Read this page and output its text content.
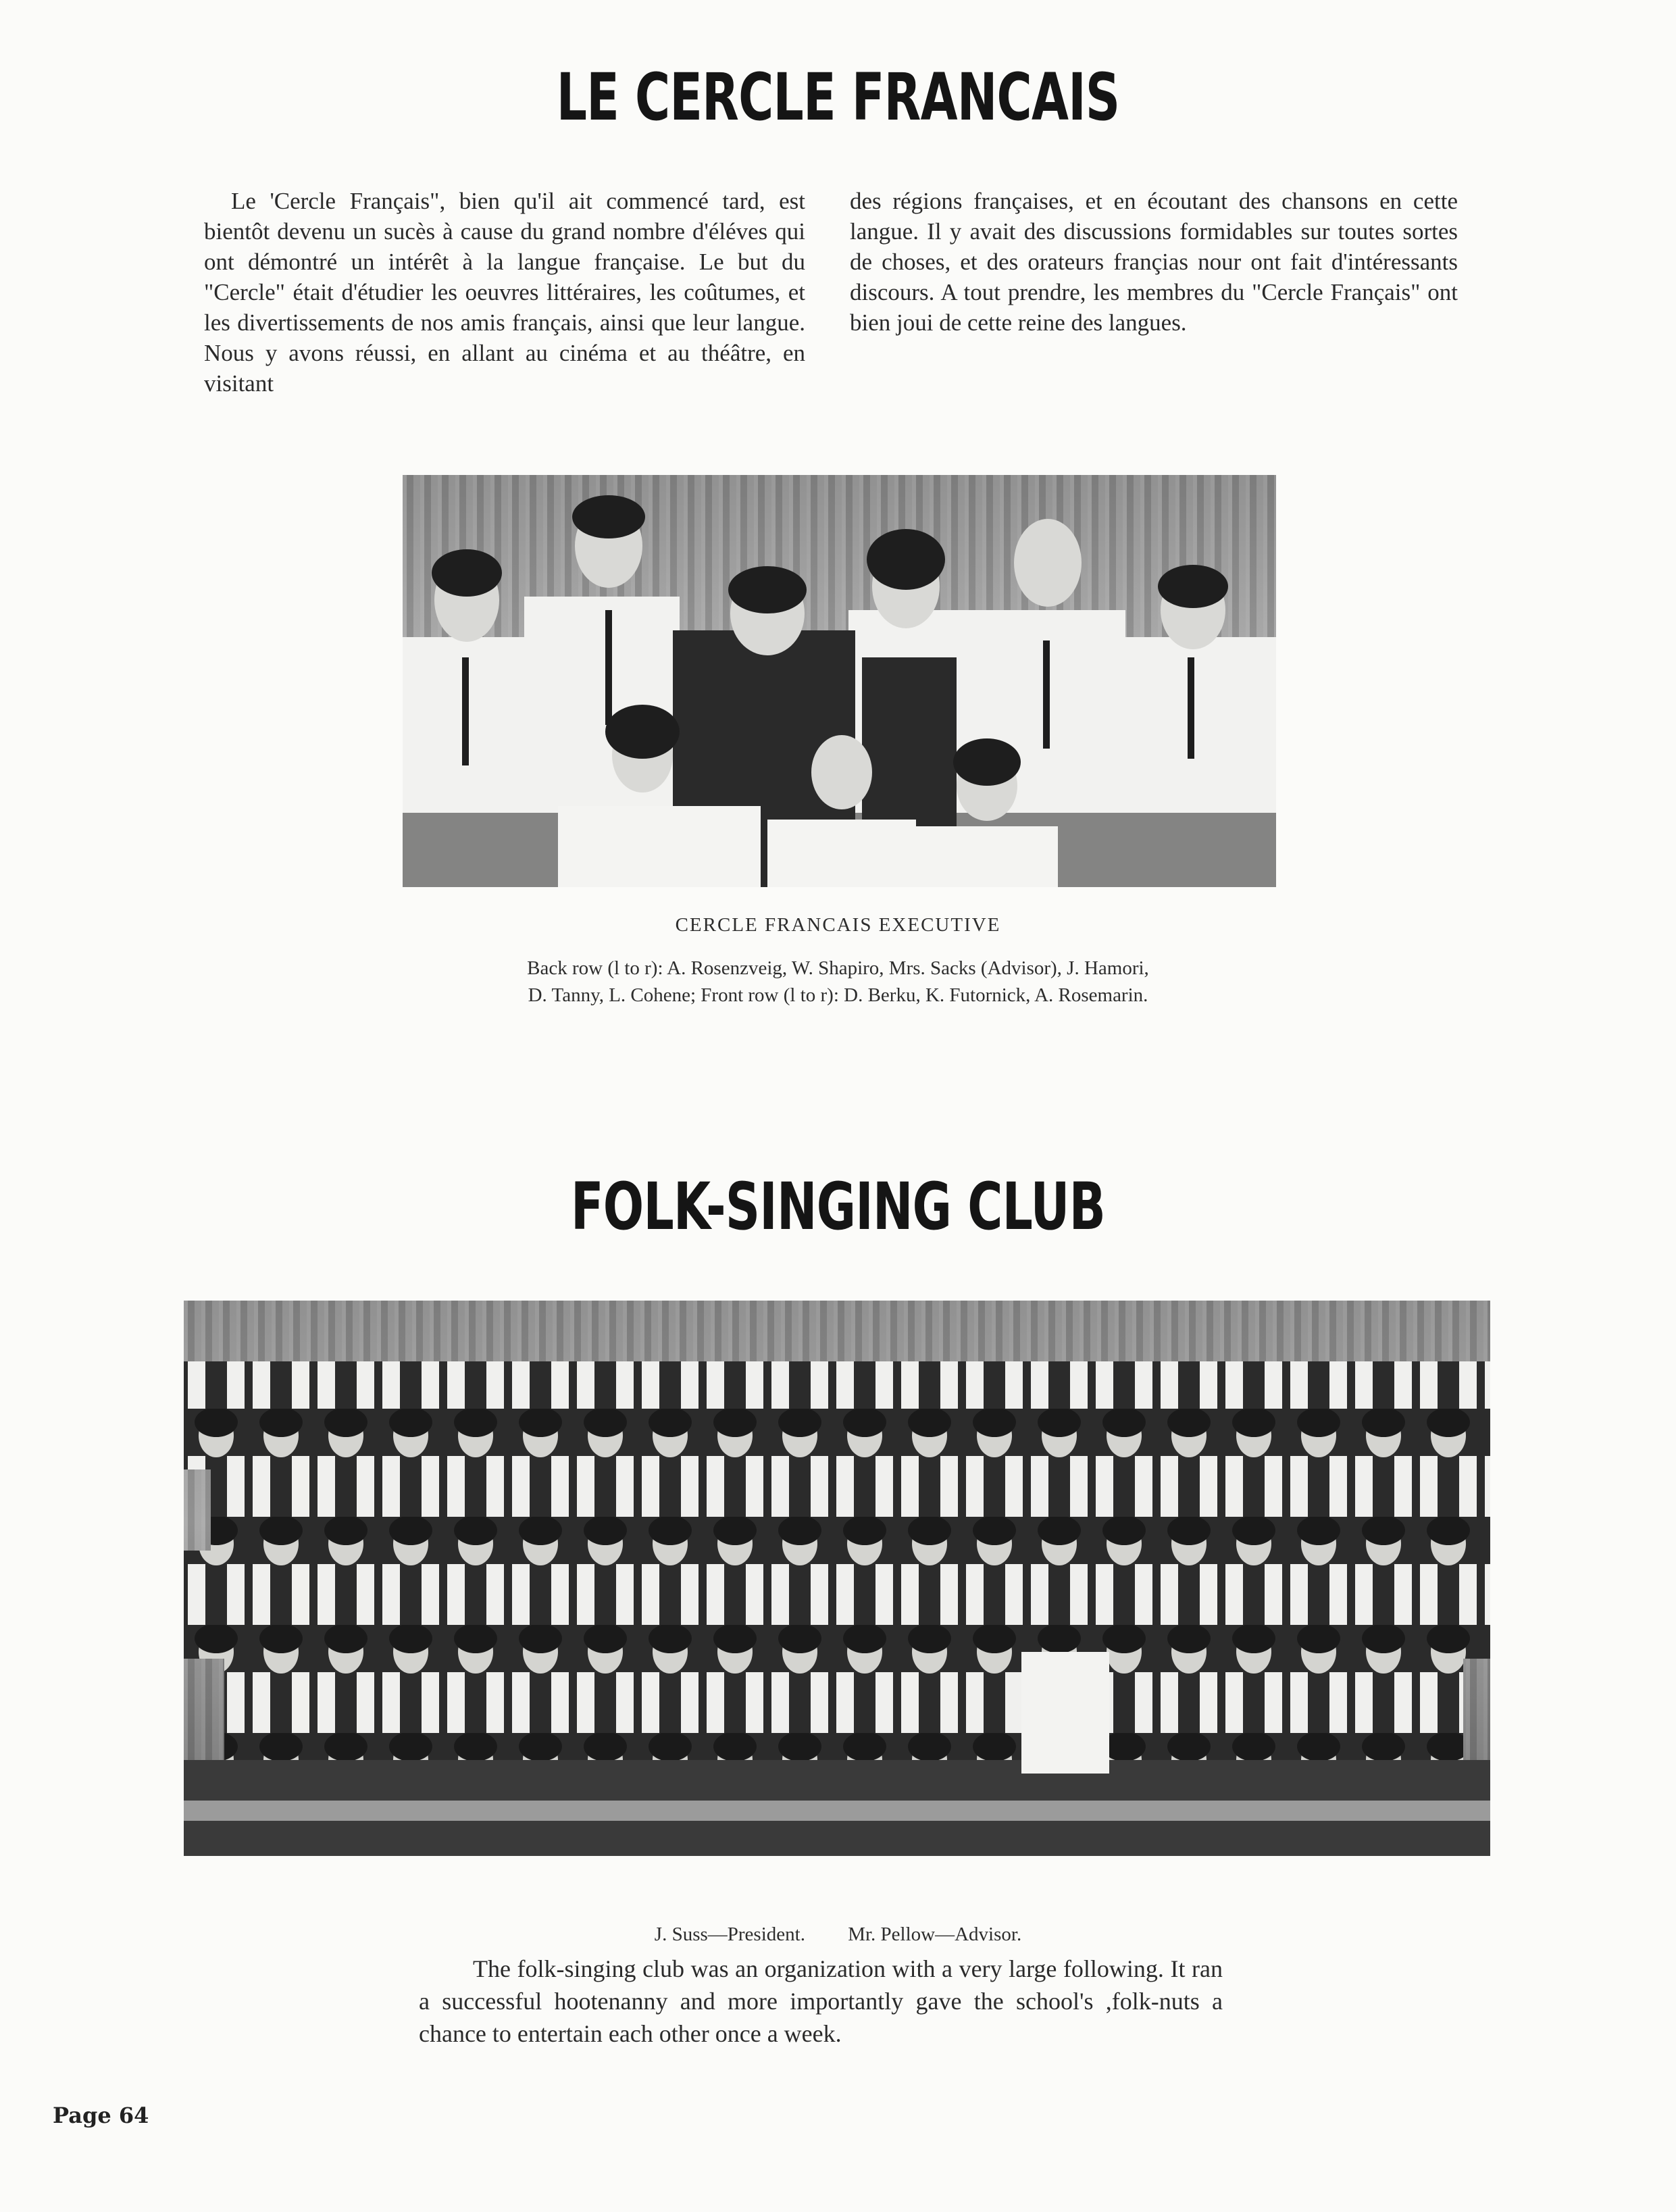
LE CERCLE FRANCAIS

Le 'Cercle Français", bien qu'il ait commencé tard, est bientôt devenu un sucès à cause du grand nombre d'éléves qui ont démontré un intérêt à la langue française. Le but du "Cercle" était d'étudier les oeuvres littéraires, les coûtumes, et les divertissements de nos amis français, ainsi que leur langue. Nous y avons réussi, en allant au cinéma et au théâtre, en visitant

des régions françaises, et en écoutant des chansons en cette langue. Il y avait des discussions formidables sur toutes sortes de choses, et des orateurs françias nour ont fait d'intéressants discours. A tout prendre, les membres du "Cercle Français" ont bien joui de cette reine des langues.

CERCLE FRANCAIS EXECUTIVE

Back row (l to r): A. Rosenzveig, W. Shapiro, Mrs. Sacks (Advisor), J. Hamori,

D. Tanny, L. Cohene; Front row (l to r): D. Berku, K. Futornick, A. Rosemarin.

FOLK-SINGING CLUB

J. Suss—President. Mr. Pellow—Advisor.

The folk-singing club was an organization with a very large following. It ran a successful hootenanny and more importantly gave the school's ,folk-nuts a chance to entertain each other once a week.

Page 64
